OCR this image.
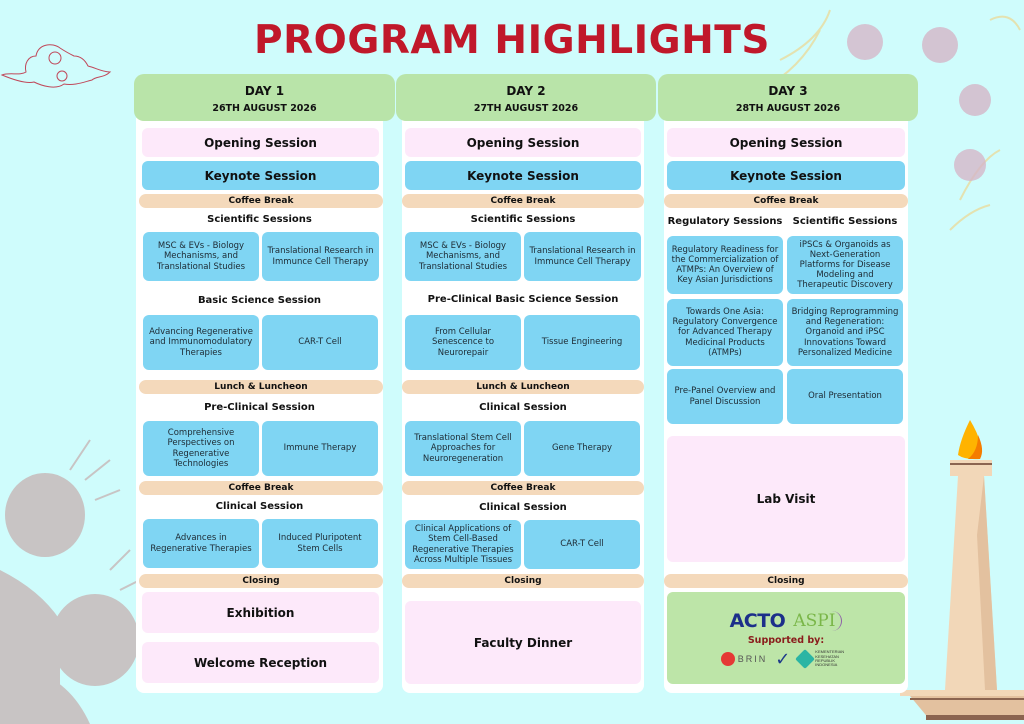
PROGRAM HIGHLIGHTS
DAY 1
26TH AUGUST 2026
DAY 2
27TH AUGUST 2026
DAY 3
28TH AUGUST 2026
Opening Session
Keynote Session
Coffee Break
Scientific Sessions
MSC & EVs - Biology Mechanisms, and Translational Studies
Translational Research in Immunce Cell Therapy
Basic Science Session
Advancing Regenerative and Immunomodulatory Therapies
CAR-T Cell
Lunch & Luncheon
Pre-Clinical Session
Comprehensive Perspectives on Regenerative Technologies
Immune Therapy
Coffee Break
Clinical Session
Advances in Regenerative Therapies
Induced Pluripotent Stem Cells
Closing
Exhibition
Welcome Reception
Opening Session
Keynote Session
Coffee Break
Scientific Sessions
MSC & EVs - Biology Mechanisms, and Translational Studies
Translational Research in Immunce Cell Therapy
Pre-Clinical Basic Science Session
From Cellular Senescence to Neurorepair
Tissue Engineering
Lunch & Luncheon
Clinical Session
Translational Stem Cell Approaches for Neuroregeneration
Gene Therapy
Coffee Break
Clinical Session
Clinical Applications of Stem Cell-Based Regenerative Therapies Across Multiple Tissues
CAR-T Cell
Closing
Faculty Dinner
Opening Session
Keynote Session
Coffee Break
Regulatory Sessions	Scientific Sessions
Regulatory Readiness for the Commercialization of ATMPs: An Overview of Key Asian Jurisdictions
iPSCs & Organoids as Next-Generation Platforms for Disease Modeling and Therapeutic Discovery
Towards One Asia: Regulatory Convergence for Advanced Therapy Medicinal Products (ATMPs)
Bridging Reprogramming and Regeneration: Organoid and iPSC Innovations Toward Personalized Medicine
Pre-Panel Overview and Panel Discussion
Oral Presentation
Lab Visit
Closing
ACTO ASPI
Supported by:
BRIN ✓	KEMENTERIAN KESEHATAN REPUBLIK INDONESIA
